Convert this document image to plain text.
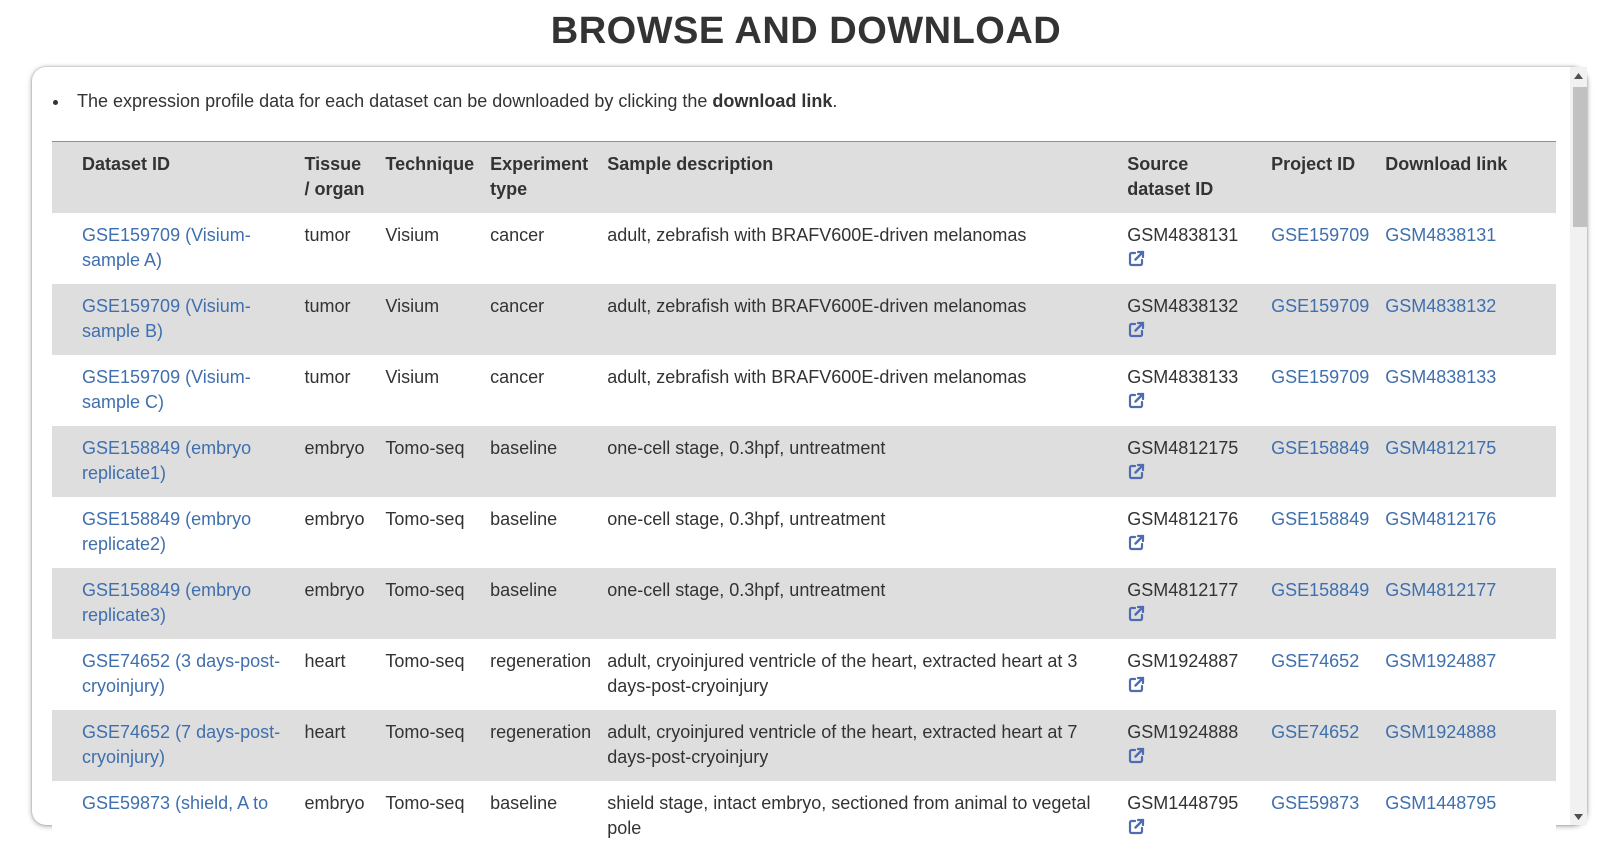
BROWSE AND DOWNLOAD
The expression profile data for each dataset can be downloaded by clicking the download link.
Dataset ID	Tissue / organ	Technique	Experiment type	Sample description	Source dataset ID	Project ID	Download link
GSE159709 (Visium-sample A)	tumor	Visium	cancer	adult, zebrafish with BRAFV600E-driven melanomas	GSM4838131	GSE159709	GSM4838131
GSE159709 (Visium-sample B)	tumor	Visium	cancer	adult, zebrafish with BRAFV600E-driven melanomas	GSM4838132	GSE159709	GSM4838132
GSE159709 (Visium-sample C)	tumor	Visium	cancer	adult, zebrafish with BRAFV600E-driven melanomas	GSM4838133	GSE159709	GSM4838133
GSE158849 (embryo replicate1)	embryo	Tomo-seq	baseline	one-cell stage, 0.3hpf, untreatment	GSM4812175	GSE158849	GSM4812175
GSE158849 (embryo replicate2)	embryo	Tomo-seq	baseline	one-cell stage, 0.3hpf, untreatment	GSM4812176	GSE158849	GSM4812176
GSE158849 (embryo replicate3)	embryo	Tomo-seq	baseline	one-cell stage, 0.3hpf, untreatment	GSM4812177	GSE158849	GSM4812177
GSE74652 (3 days-post-cryoinjury)	heart	Tomo-seq	regeneration	adult, cryoinjured ventricle of the heart, extracted heart at 3 days-post-cryoinjury	GSM1924887	GSE74652	GSM1924887
GSE74652 (7 days-post-cryoinjury)	heart	Tomo-seq	regeneration	adult, cryoinjured ventricle of the heart, extracted heart at 7 days-post-cryoinjury	GSM1924888	GSE74652	GSM1924888
GSE59873 (shield, A to	embryo	Tomo-seq	baseline	shield stage, intact embryo, sectioned from animal to vegetal pole	GSM1448795	GSE59873	GSM1448795
